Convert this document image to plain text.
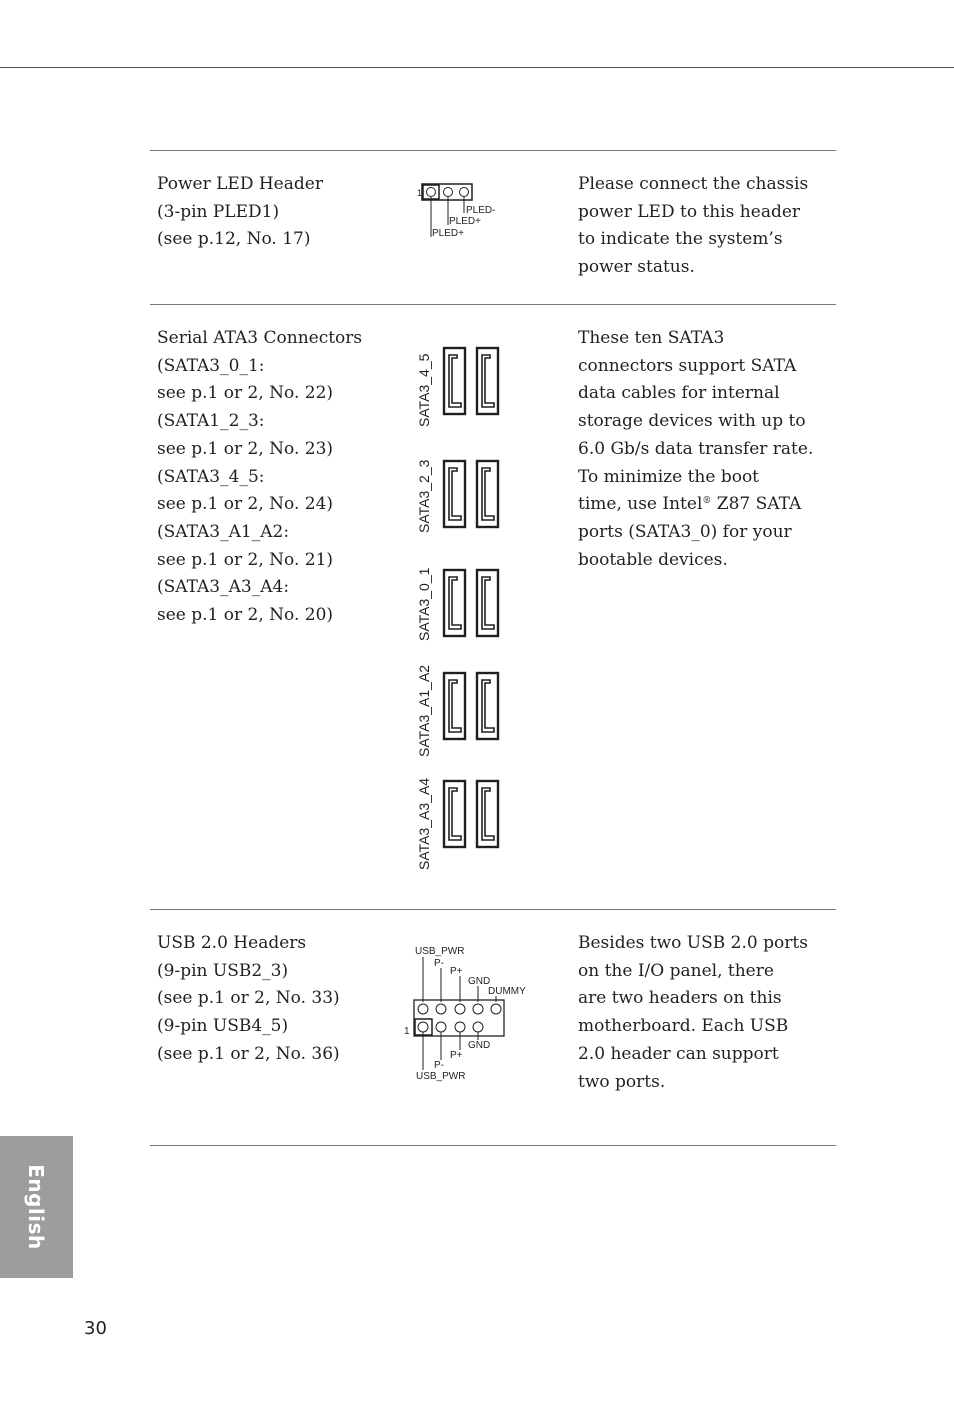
Power LED Header
(3-pin PLED1)
(see p.12, No. 17)
1
PLED-
PLED+
PLED+
Please connect the chassis
power LED to this header
to indicate the system’s
power status.
Serial ATA3 Connectors
(SATA3_0_1:
see p.1 or 2, No. 22)
(SATA1_2_3:
see p.1 or 2, No. 23)
(SATA3_4_5:
see p.1 or 2, No. 24)
(SATA3_A1_A2:
see p.1 or 2, No. 21)
(SATA3_A3_A4:
see p.1 or 2, No. 20)
SATA3_4_5
SATA3_2_3
SATA3_0_1
SATA3_A1_A2
SATA3_A3_A4
These ten SATA3
connectors support SATA
data cables for internal
storage devices with up to
6.0 Gb/s data transfer rate.
To minimize the boot
time, use Intel® Z87 SATA
ports (SATA3_0) for your
bootable devices.
USB 2.0 Headers
(9-pin USB2_3)
(see p.1 or 2, No. 33)
(9-pin USB4_5)
(see p.1 or 2, No. 36)
USB_PWR
P-
P+
GND
DUMMY
1
GND
P+
P-
USB_PWR
Besides two USB 2.0 ports
on the I/O panel, there
are two headers on this
motherboard. Each USB
2.0 header can support
two ports.
English
30
